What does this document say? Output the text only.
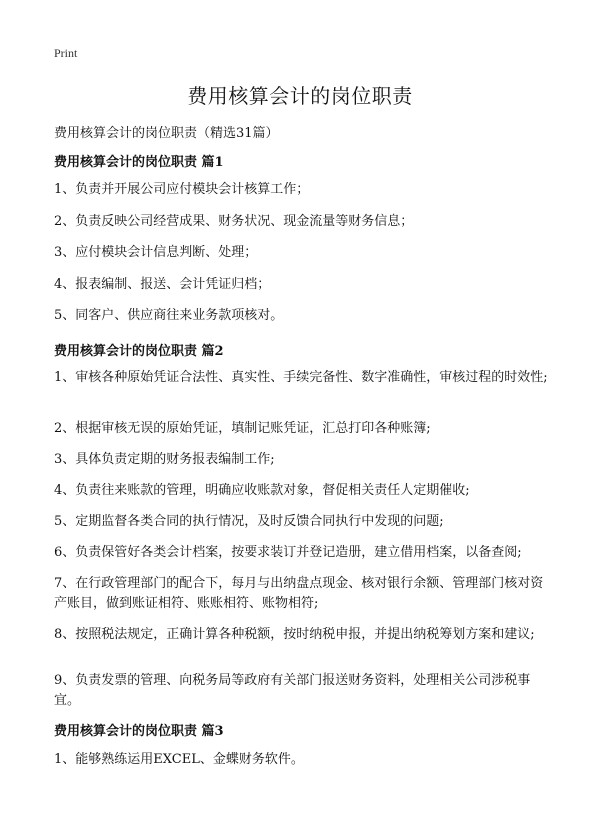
Print
费用核算会计的岗位职责
费用核算会计的岗位职责（精选31篇）
费用核算会计的岗位职责 篇1
1、负责并开展公司应付模块会计核算工作；
2、负责反映公司经营成果、财务状况、现金流量等财务信息；
3、应付模块会计信息判断、处理；
4、报表编制、报送、会计凭证归档；
5、同客户、供应商往来业务款项核对。
费用核算会计的岗位职责 篇2
1、审核各种原始凭证合法性、真实性、手续完备性、数字准确性，审核过程的时效性;
2、根据审核无误的原始凭证，填制记账凭证，汇总打印各种账簿;
3、具体负责定期的财务报表编制工作;
4、负责往来账款的管理，明确应收账款对象，督促相关责任人定期催收;
5、定期监督各类合同的执行情况，及时反馈合同执行中发现的问题;
6、负责保管好各类会计档案，按要求装订并登记造册，建立借用档案，以备查阅;
7、在行政管理部门的配合下，每月与出纳盘点现金、核对银行余额、管理部门核对资产账目，做到账证相符、账账相符、账物相符;
8、按照税法规定，正确计算各种税额，按时纳税申报，并提出纳税筹划方案和建议;
9、负责发票的管理、向税务局等政府有关部门报送财务资料，处理相关公司涉税事宜。
费用核算会计的岗位职责 篇3
1、能够熟练运用EXCEL、金蝶财务软件。
